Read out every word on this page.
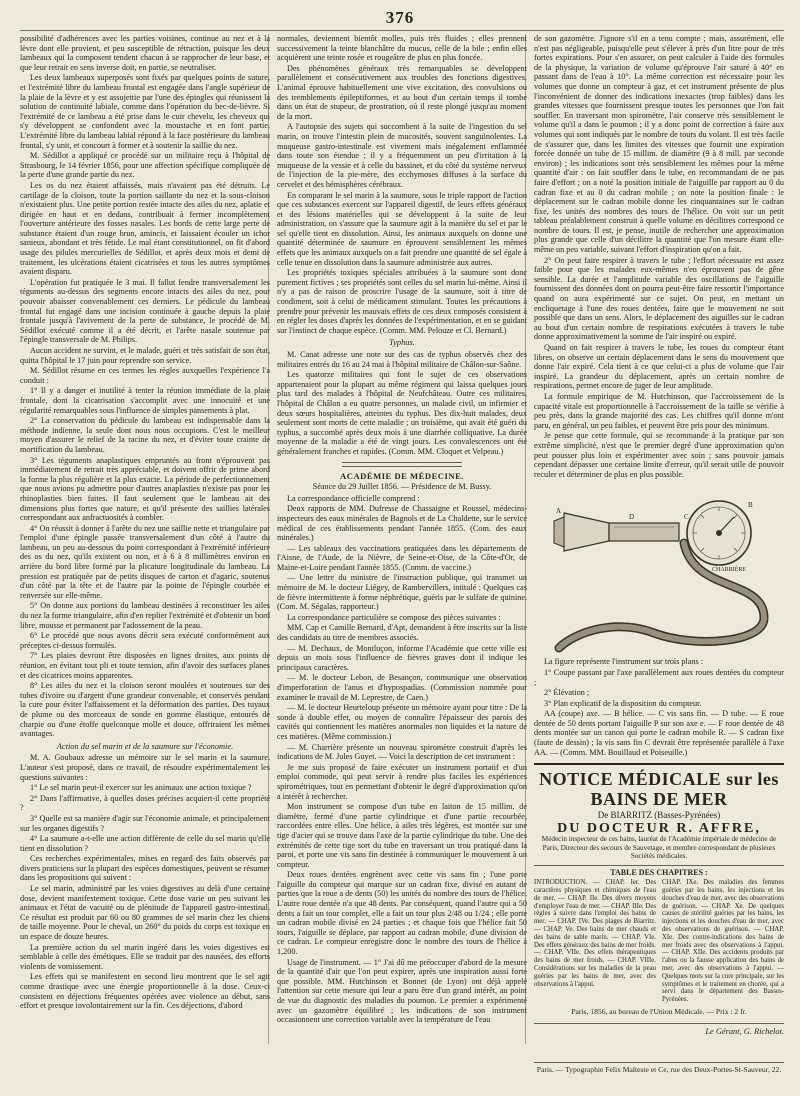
376

possibilité d'adhérences avec les parties voisines, continue au nez et à la lèvre dont elle provient, et peu susceptible de rétraction, puisque les deux lambeaux qui la composent tendent chacun à se rapprocher de leur base, et que leur retrait en sens inverse doit, en partie, se neutraliser.

Les deux lambeaux superposés sont fixés par quelques points de suture, et l'extrémité libre du lambeau frontal est engagée dans l'angle supérieur de la plaie de la lèvre et y est assujettie par l'une des épingles qui réunissent la solution de continuité labiale, comme dans l'opération du bec-de-lièvre. Si l'extrémité de ce lambeau a été prise dans le cuir chevelu, les cheveux qui s'y développent se confondent avec la moustache et en font partie. L'extrémité libre du lambeau labial répond à la face postérieure du lambeau frontal, s'y unit, et concourt à former et à soutenir la saillie du nez.

M. Sédillot a appliqué ce procédé sur un militaire reçu à l'hôpital de Strasbourg, le 14 février 1856, pour une affection spécifique compliquée de la perte d'une grande partie du nez.

Les os du nez étaient affaissés, mais n'avaient pas été détruits. Le cartilage de la cloison, toute la portion saillante du nez et la sous-cloison n'existaient plus. Une petite portion restée intacte des ailes du nez, aplatie et dirigée en haut et en dedans, contribuait à fermer incomplètement l'ouverture antérieure des fosses nasales. Les bords de cette large perte de substance étaient d'un rouge brun, amincis, et laissaient écouler un ichor sanieux, abondant et très fétide. Le mal étant constitutionnel, on fit d'abord usage des pilules mercurielles de Sédillot, et après deux mois et demi de traitement, les ulcérations étaient cicatrisées et tous les autres symptômes avaient disparu.

L'opération fut pratiquée le 3 mai. Il fallut fendre transversalement les téguments au-dessus des segments encore intacts des ailes du nez, pour pouvoir abaisser convenablement ces derniers. Le pédicule du lambeau frontal fut engagé dans une incision continuée à gauche depuis la plaie frontale jusqu'à l'avivement de la perte de substance, le procédé de M. Sédillot exécuté comme il a été décrit, et l'arête nasale soutenue par l'épingle transversale de M. Philips.

Aucun accident ne survint, et le malade, guéri et très satisfait de son état, quitta l'hôpital le 17 juin pour reprendre son service.

M. Sédillot résume en ces termes les règles auxquelles l'expérience l'a conduit :

1° Il y a danger et inutilité à tenter la réunion immédiate de la plaie frontale, dont la cicatrisation s'accomplit avec une innocuité et une régularité remarquables sous l'influence de simples pansements à plat.

2° La conservation du pédicule du lambeau est indispensable dans la méthode indienne, la seule dont nous nous occupions. C'est le meilleur moyen d'assurer le relief de la racine du nez, et d'éviter toute crainte de mortification du lambeau.

3° Les téguments anaplastiques empruntés au front n'éprouvent pas immédiatement de retrait très appréciable, et doivent offrir de prime abord la forme la plus régulière et la plus exacte. La période de perfectionnement que nous avions pu admettre pour d'autres anaplasties n'existe pas pour les rhinoplasties bien faites. Il faut seulement que le lambeau ait des dimensions plus fortes que nature, et qu'il présente des saillies latérales correspondant aux anfractuosités à combler.

4° On réussit à donner à l'arête du nez une saillie nette et triangulaire par l'emploi d'une épingle passée transversalement d'un côté à l'autre du lambeau, un peu au-dessous du point correspondant à l'extrémité inférieure des os du nez, qu'ils existent ou non, et à 6 à 8 millimètres environ en arrière du bord libre formé par la plicature longitudinale du lambeau. La pression est pratiquée par de petits disques de carton et d'agaric, soutenus d'un côté par la tête et de l'autre par la pointe de l'épingle courbée et renversée sur elle-même.

5° On donne aux portions du lambeau destinées à reconstituer les ailes du nez la forme triangulaire, afin d'en replier l'extrémité et d'obtenir un bord libre, mousse et permanent par l'adossement de la peau.

6° Le procédé que nous avons décrit sera exécuté conformément aux préceptes ci-dessus formulés.

7° Les plaies devront être disposées en lignes droites, aux points de réunion, en évitant tout pli et toute tension, afin d'avoir des surfaces planes et des cicatrices moins apparentes.

8° Les ailes du nez et la cloison seront moulées et soutenues sur des tubes d'ivoire ou d'argent d'une grandeur convenable, et conservés pendant la cure pour éviter l'affaissement et la déformation des parties. Des tuyaux de plume ou des morceaux de sonde en gomme élastique, entourés de charpie ou d'une étoffe quelconque molle et douce, offriraient les mêmes avantages.

Action du sel marin et de la saumure sur l'économie.

M. A. Goubaux adresse un mémoire sur le sel marin et la saumure. L'auteur s'est proposé, dans ce travail, de résoudre expérimentalement les questions suivantes :

1° Le sel marin peut-il exercer sur les animaux une action toxique ?

2° Dans l'affirmative, à quelles doses précises acquiert-il cette propriété ?

3° Quelle est sa manière d'agir sur l'économie animale, et principalement sur les organes digestifs ?

4° La saumure a-t-elle une action différente de celle du sel marin qu'elle tient en dissolution ?

Ces recherches expérimentales, mises en regard des faits observés par divers praticiens sur la plupart des espèces domestiques, peuvent se résumer dans les propositions qui suivent :

Le sel marin, administré par les voies digestives au delà d'une certaine dose, devient manifestement toxique. Cette dose varie un peu suivant les animaux et l'état de vacuité ou de plénitude de l'appareil gastro-intestinal. Ce résultat est produit par 60 ou 80 grammes de sel marin chez les chiens de taille moyenne. Pour le cheval, un 260° du poids du corps est toxique en un espace de douze heures.

La première action du sel marin ingéré dans les voies digestives est semblable à celle des émétiques. Elle se traduit par des nausées, des efforts violents de vomissement.

Les effets qui se manifestent en second lieu montrent que le sel agit comme drastique avec une énergie proportionnelle à la dose. Ceux-ci consistent en déjections fréquentes opérées avec violence au début, sans effort et presque involontairement sur la fin. Ces déjections, d'abord

normales, deviennent bientôt molles, puis très fluides ; elles prennent successivement la teinte blanchâtre du mucus, celle de la bile ; enfin elles acquièrent une teinte rosée et rougeâtre de plus en plus foncée.

Des phénomènes généraux très remarquables se développent parallèlement et consécutivement aux troubles des fonctions digestives. L'animal éprouve habituellement une vive excitation, des convulsions ou des tremblements épileptiformes, et au bout d'un certain temps il tombe dans un état de stupeur, de prostration, où il reste plongé jusqu'au moment de la mort.

A l'autopsie des sujets qui succombent à la suite de l'ingestion du sel marin, on trouve l'intestin plein de mucosités, souvent sanguinolentes. La muqueuse gastro-intestinale est vivement mais inégalement enflammée dans toute son étendue ; il y a fréquemment un peu d'irritation à la muqueuse de la vessie et à celle du bassinet, et du côté du système nerveux de l'injection de la pie-mère, des ecchymoses diffuses à la surface du cervelet et des hémisphères cérébraux.

En comparant le sel marin à la saumure, sous le triple rapport de l'action que ces substances exercent sur l'appareil digestif, de leurs effets généraux et des lésions matérielles qui se développent à la suite de leur administration, on s'assure que la saumure agit à la manière du sel et par le sel qu'elle tient en dissolution. Ainsi, les animaux auxquels on donne une quantité déterminée de saumure en éprouvent sensiblement les mêmes effets que les animaux auxquels on a fait prendre une quantité de sel égale à celle tenue en dissolution dans la saumure administrée aux autres.

Les propriétés toxiques spéciales attribuées à la saumure sont donc purement fictives ; ses propriétés sont celles du sel marin lui-même. Ainsi il n'y a pas de raison de proscrire l'usage de la saumure, soit à titre de condiment, soit à celui de médicament stimulant. Toutes les précautions à prendre pour prévenir les mauvais effets de ces deux composés consistent à en régler les doses d'après les données de l'expérimentation, et en se guidant sur l'instinct de chaque espèce. (Comm. MM. Pelouze et Cl. Bernard.)

Typhus.

M. Canat adresse une note sur des cas de typhus observés chez des militaires entrés du 16 au 24 mai à l'hôpital militaire de Châlon-sur-Saône.

Les quatorze militaires qui font le sujet de ces observations appartenaient pour la plupart au même régiment qui laissa quelques jours plus tard des malades à l'hôpital de Neufchâteau. Outre ces militaires, l'hôpital de Châlon a eu quatre personnes, un malade civil, un infirmier et deux sœurs hospitalières, atteintes du typhus. Des dix-huit malades, deux seulement sont morts de cette maladie ; un troisième, qui avait été guéri du typhus, a succombé après deux mois à une diarrhée colliquative. La durée moyenne de la maladie a été de vingt jours. Les convalescences ont été généralement franches et rapides. (Comm. MM. Cloquet et Velpeau.)

ACADÉMIE DE MÉDECINE.
Séance du 29 Juillet 1856. — Présidence de M. Bussy.

La correspondance officielle comprend :

Deux rapports de MM. Dufresse de Chassaigne et Roussel, médecins-inspecteurs des eaux minérales de Bagnols et de La Chaldette, sur le service médical de ces établissements pendant l'année 1855. (Com. des eaux minérales.)

— Les tableaux des vaccinations pratiquées dans les départements de l'Aisne, de l'Aude, de la Nièvre, de Seine-et-Oise, de la Côte-d'Or, de Maine-et-Loire pendant l'année 1855. (Comm. de vaccine.)

— Une lettre du ministre de l'instruction publique, qui transmet un mémoire de M. le docteur Liégey, de Rambervillers, intitulé : Quelques cas de fièvre intermittente à forme néphrétique, guéris par le sulfate de quinine. (Com. M. Ségalas, rapporteur.)

La correspondance particulière se compose des pièces suivantes :

MM. Cap et Camille Bernard, d'Apt, demandent à être inscrits sur la liste des candidats au titre de membres associés.

— M. Dechaux, de Montluçon, informe l'Académie que cette ville est depuis un mois sous l'influence de fièvres graves dont il indique les principaux caractères.

— M. le docteur Lebon, de Besançon, communique une observation d'imperforation de l'anus et d'hypospadias. (Commission nommée pour examiner le travail de M. Leprestre, de Caen.)

— M. le docteur Heurteloup présente un mémoire ayant pour titre : De la sonde à double effet, ou moyen de connaître l'épaisseur des parois des cavités qui contiennent les matières anormales non liquides et la nature de ces matières. (Même commission.)

— M. Charrière présente un nouveau spiromètre construit d'après les indications de M. Jules Guyet. — Voici la description de cet instrument :

Je me suis proposé de faire exécuter un instrument portatif et d'un emploi commode, qui peut servir à rendre plus faciles les expériences spirométriques, tout en permettant d'obtenir le degré d'approximation qu'on a intérêt à rechercher.

Mon instrument se compose d'un tube en laiton de 15 millim. de diamètre, fermé d'une partie cylindrique et d'une partie recourbée, raccordées entre elles. Une hélice, à ailes très légères, est montée sur une tige d'acier qui se trouve dans l'axe de la partie cylindrique du tube. Une des extrémités de cette tige sort du tube en traversant un trou pratiqué dans la paroi, et porte une vis sans fin destinée à communiquer le mouvement à un compteur.

Deux roues dentées engrènent avec cette vis sans fin ; l'une porte l'aiguille du compteur qui marque sur un cadran fixe, divisé en autant de parties que la roue a de dents (50) les unités du nombre des tours de l'hélice. L'autre roue dentée n'a que 48 dents. Par conséquent, quand l'autre qui a 50 dents a fait un tour complet, elle a fait un tour plus 2/48 ou 1/24 ; elle porte un cadran mobile divisé en 24 parties ; et chaque fois que l'hélice fait 50 tours, l'aiguille se déplace, par rapport au cadran mobile, d'une division de ce cadran. Le compteur enregistre donc le nombre des tours de l'hélice à 1,200.

Usage de l'instrument. — 1° J'ai dû me préoccuper d'abord de la mesure de la quantité d'air que l'on peut expirer, après une inspiration aussi forte que possible. MM. Hutchinson et Bonnet (de Lyon) ont déjà appelé l'attention sur cette mesure qui leur a paru être d'un grand intérêt, au point de vue du diagnostic des maladies du poumon. Le premier a expérimenté avec un gazomètre équilibré ; les indications de son instrument occasionnent une correction variable avec la température de l'eau

de son gazomètre. J'ignore s'il en a tenu compte ; mais, assurément, elle n'est pas négligeable, puisqu'elle peut s'élever à près d'un litre pour de très fortes expirations. Pour s'en assurer, on peut calculer à l'aide des formules de la physique, la variation de volume qu'éprouve l'air saturé à 40° en passant dans de l'eau à 10°. La même correction est nécessaire pour les volumes que donne un compteur à gaz, et cet instrument présente de plus l'inconvénient de donner des indications inexactes (trop faibles) dans les grandes vitesses que fournissent presque toutes les personnes que l'on fait souffler. En traversant mon spiromètre, l'air conserve très sensiblement le volume qu'il a dans le poumon ; il y a donc point de correction à faire aux volumes qui sont indiqués par le nombre de tours du volant. Il est très facile de s'assurer que, dans les limites des vitesses que fournit une expiration forcée donnée un tube de 15 millim. de diamètre (9 à 8 mill. par seconde environ) ; les indications sont très sensiblement les mêmes pour la même quantité d'air : on fait souffler dans le tube, en recommandant de ne pas faire d'effort ; on a noté la position initiale de l'aiguille par rapport au 0 du cadran fixe et au 0 du cadran mobile ; on note la position finale : le déplacement sur le cadran mobile donne les cinquantaines sur le cadran fixe, les unités des nombres des tours de l'hélice. On voit sur un petit tableau préalablement construit à quelle volume en décilitres correspond ce nombre de tours. Il est, je pense, inutile de rechercher une approximation plus grande que celle d'un décilitre la quantité que l'on mesure étant elle-même un peu variable, suivant l'effort d'inspiration qu'on a fait.

2° On peut faire respirer à travers le tube ; l'effort nécessaire est assez faible pour que les malades eux-mêmes n'en éprouvent pas de gêne sensible. La durée et l'amplitude variable des oscillations de l'aiguille fournissent des données dont on pourra peut-être faire ressortir l'importance quand on aura expérimenté sur ce sujet. On peut, en mettant un encliquetage à l'une des roues dentées, faire que le mouvement ne soit possible que dans un sens. Alors, le déplacement des aiguilles sur le cadran au bout d'un certain nombre de respirations exécutées à travers le tube donne approximativement la somme de l'air inspiré ou expiré.

Quand on fait respirer à travers le tube, les roues du compteur étant libres, on observe un certain déplacement dans le sens du mouvement que donne l'air expiré. Cela tient à ce que celui-ci a plus de volume que l'air inspiré. La grandeur du déplacement, après un certain nombre de respirations, permet encore de juger de leur amplitude.

La formule empirique de M. Hutchinson, que l'accroissement de la capacité vitale est proportionnelle à l'accroissement de la taille se vérifie à peu près, dans la grande majorité des cas. Les chiffres qu'il donne m'ont paru, en général, un peu faibles, et peuvent être pris pour des minimum.

Je pense que cette formule, qui se recommande à la pratique par son extrême simplicité, n'est que le premier degré d'une approximation qu'on peut pousser plus loin et expérimenter avec soin ; sans pouvoir jamais cependant dépasser une certaine limite d'erreur, qu'il serait utile de pouvoir reculer et déterminer de plus en plus possible.

A
C
D
B
CHARRIÈRE

La figure représente l'instrument sur trois plans :

1° Coupe passant par l'axe parallèlement aux roues dentées du compteur ;

2° Élévation ;

3° Plan explicatif de la disposition du compteur.

AA (coupe) axe. — B hélice. — C vis sans fin. — D tube. — E roue dentée de 50 dents portant l'aiguille P sur son axe e. — F roue dentée de 48 dents montée sur un canon qui porte le cadran mobile R. — S cadran fixe (faute de dessin) ; la vis sans fin C devrait être représentée parallèle à l'axe AA. — (Comm. MM. Bouillaud et Poiseuille.)

NOTICE MÉDICALE sur les BAINS DE MER
De BIARRITZ (Basses-Pyrénées)
DU DOCTEUR R. AFFRE,
Médecin inspecteur de ces bains, lauréat de l'Académie impériale de médecine de Paris, Directeur des secours de Sauvetage, et membre correspondant de plusieurs Sociétés médicales.
TABLE DES CHAPITRES :
INTRODUCTION. — CHAP. Ier. Des caractères physiques et chimiques de l'eau de mer. — CHAP. IIe. Des divers moyens d'employer l'eau de mer. — CHAP. IIIe. Des règles à suivre dans l'emploi des bains de mer. — CHAP. IVe. Des plages de Biarritz. — CHAP. Ve. Des bains de mer chauds et des bains de sable marin. — CHAP. VIe. Des effets généraux des bains de mer froids. — CHAP. VIIe. Des effets thérapeutiques des bains de mer froids. — CHAP. VIIIe. Considérations sur les maladies de la peau guéries par les bains de mer, avec des observations à l'appui.
CHAP. IXe. Des maladies des femmes guéries par les bains, les injections et les douches d'eau de mer, avec des observations de guérison. — CHAP. Xe. De quelques causes de stérilité guéries par les bains, les injections et les douches d'eau de mer, avec des observations de guérison. — CHAP. XIe. Des contre-indications des bains de mer froids avec des observations à l'appui. — CHAP. XIIe. Des accidents produits par l'abus ou la fausse application des bains de mer, avec des observations à l'appui. — Quelques mots sur la cure principale, sur les symptômes et le traitement en chorée, qui a servi dans le département des Basses-Pyrénées.
Paris, 1856, au bureau de l'Union Médicale. — Prix : 2 fr.
Le Gérant, G. Richelot.
Paris. — Typographie Felix Malteste et Ce, rue des Deux-Portes-St-Sauveur, 22.
